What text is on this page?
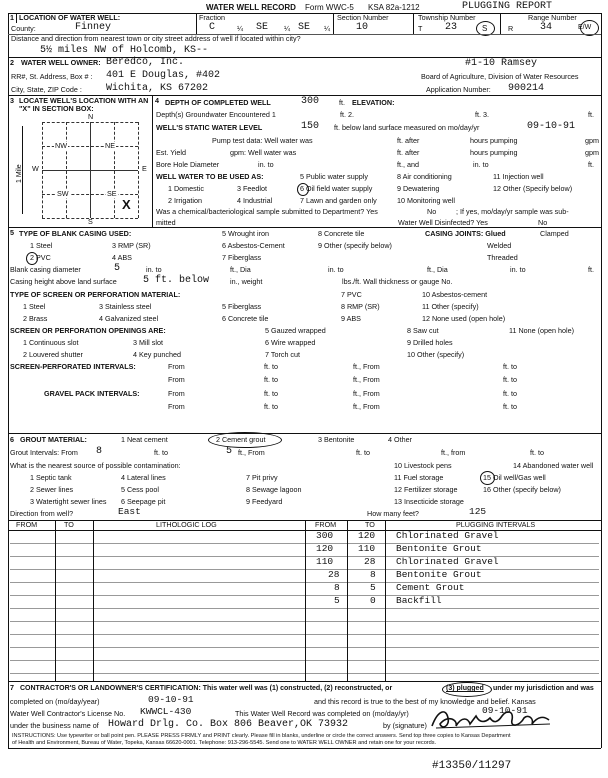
WATER WELL RECORD Form WWC-5 KSA 82a-1212	PLUGGING REPORT
1 LOCATION OF WATER WELL:	Fraction	Section Number	Township Number	Range Number
County:	Finney	C	¼ SE ¼ SE ¼	10	T 23	S	R	34	E/W
Distance and direction from nearest town or city street address of well if located within city?
5½ miles NW of Holcomb, KS--
2 WATER WELL OWNER: Beredco, Inc.	#1-10 Ramsey
RR#, St. Address, Box # : 401 E Douglas, #402	Board of Agriculture, Division of Water Resources
City, State, ZIP Code : Wichita, KS 67202	Application Number: 900214
3 LOCATE WELL'S LOCATION WITH AN "X" IN SECTION BOX:
N
S
W	E
1 Mile
NW	NE
SW	SE
X
4 DEPTH OF COMPLETED WELL	300	ft. ELEVATION:
Depth(s) Groundwater Encountered 1	ft. 2.	ft. 3.	ft.
WELL'S STATIC WATER LEVEL	150 ft. below land surface measured on mo/day/yr	09-10-91
Pump test data: Well water was	ft. after	hours pumping	gpm
Est. Yield	gpm: Well water was	ft. after	hours pumping	gpm
Bore Hole Diameter	in. to	ft., and	in. to	ft.
WELL WATER TO BE USED AS:	5 Public water supply	8 Air conditioning	11 Injection well
1 Domestic	3 Feedlot	6 Oil field water supply	9 Dewatering	12 Other (Specify below)
2 Irrigation	4 Industrial	7 Lawn and garden only	10 Monitoring well
Was a chemical/bacteriological sample submitted to Department? Yes	No	; If yes, mo/day/yr sample was sub-
mitted	Water Well Disinfected? Yes	No
5 TYPE OF BLANK CASING USED:	5 Wrought iron	8 Concrete tile	CASING JOINTS: Glued	Clamped
1 Steel	3 RMP (SR)	6 Asbestos-Cement	9 Other (specify below)	Welded
2 PVC	4 ABS	7 Fiberglass	Threaded
Blank casing diameter	5	in. to	ft., Dia	in. to	ft., Dia	in. to	ft.
Casing height above land surface	5 ft. below	in., weight	lbs./ft. Wall thickness or gauge No.
TYPE OF SCREEN OR PERFORATION MATERIAL:	7 PVC	10 Asbestos-cement
1 Steel	3 Stainless steel	5 Fiberglass	8 RMP (SR)	11 Other (specify)
2 Brass	4 Galvanized steel	6 Concrete tile	9 ABS	12 None used (open hole)
SCREEN OR PERFORATION OPENINGS ARE:	5 Gauzed wrapped	8 Saw cut	11 None (open hole)
1 Continuous slot	3 Mill slot	6 Wire wrapped	9 Drilled holes
2 Louvered shutter	4 Key punched	7 Torch cut	10 Other (specify)
SCREEN-PERFORATED INTERVALS:	From	ft. to	ft., From	ft. to
From	ft. to	ft., From	ft. to
GRAVEL PACK INTERVALS:	From	ft. to	ft., From	ft. to
From	ft. to	ft., From	ft. to
6 GROUT MATERIAL:	1 Neat cement	2 Cement grout	3 Bentonite	4 Other
Grout Intervals: From 8	ft. to	5 ft., From	ft. to	ft., from	ft. to
What is the nearest source of possible contamination:	10 Livestock pens	14 Abandoned water well
1 Septic tank	4 Lateral lines	7 Pit privy	11 Fuel storage	15 Oil well/Gas well
2 Sewer lines	5 Cess pool	8 Sewage lagoon	12 Fertilizer storage	16 Other (specify below)
3 Watertight sewer lines 6 Seepage pit	9 Feedyard	13 Insecticide storage
Direction from well?	East	How many feet?	125
FROM	TO	LITHOLOGIC LOG	FROM	TO	PLUGGING INTERVALS
300	120 Chlorinated Gravel
120	110 Bentonite Grout
110	28 Chlorinated Gravel
28	8 Bentonite Grout
8	5 Cement Grout
5	0 Backfill
7 CONTRACTOR'S OR LANDOWNER'S CERTIFICATION: This water well was (1) constructed, (2) reconstructed, or	(3) plugged under my jurisdiction and was
completed on (mo/day/year)	09-10-91	and this record is true to the best of my knowledge and belief. Kansas
Water Well Contractor's License No. KWWCL-430	This Water Well Record was completed on (mo/day/yr)	09-10-91
under the business name of Howard Drlg. Co. Box 806 Beaver,OK 73932	by (signature)
INSTRUCTIONS: Use typewriter or ball point pen. PLEASE PRESS FIRMLY and PRINT clearly. Please fill in blanks, underline or circle the correct answers. Send top three copies to Kansas Department
of Health and Environment, Bureau of Water, Topeka, Kansas 66620-0001. Telephone: 913-296-5545. Send one to WATER WELL OWNER and retain one for your records.
#13350/11297
